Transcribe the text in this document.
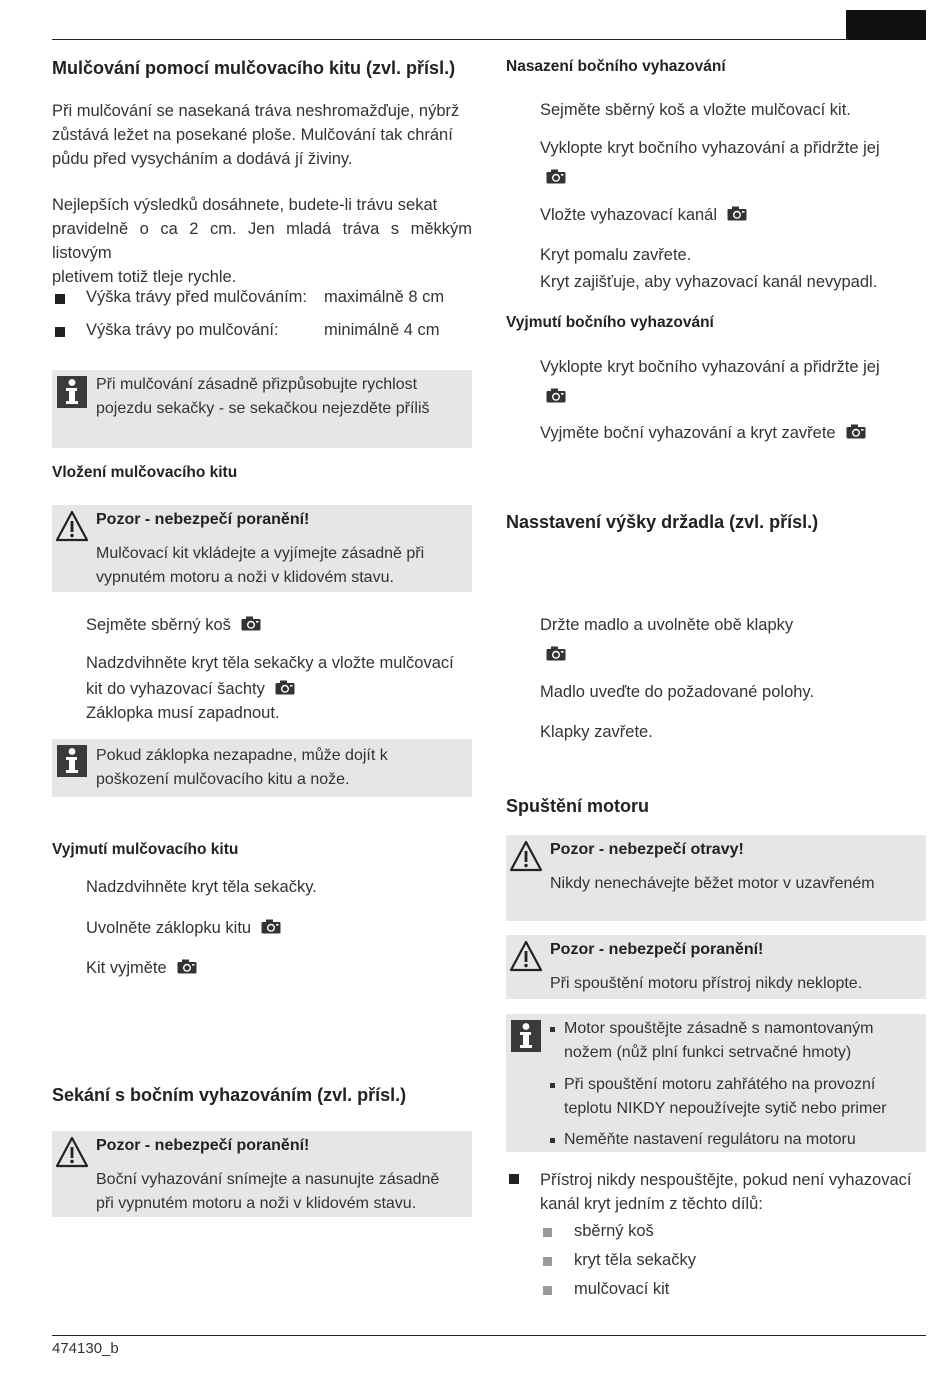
474130_b
Mulčování pomocí mulčovacího kitu (zvl. přísl.)
Při mulčování se nasekaná tráva neshromažďuje, nýbrž
zůstává ležet na posekané ploše. Mulčování tak chrání
půdu před vysycháním a dodává jí živiny.
Nejlepších výsledků dosáhnete, budete-li trávu sekat
pravidelně o ca 2 cm. Jen mladá tráva s měkkým listovým
pletivem totiž tleje rychle.
Výška trávy před mulčováním: maximálně 8 cm
Výška trávy po mulčování:	minimálně 4 cm
Při mulčování zásadně přizpůsobujte rychlost
pojezdu sekačky - se sekačkou nejezděte příliš
Vložení mulčovacího kitu
Pozor - nebezpečí poranění!
Mulčovací kit vkládejte a vyjímejte zásadně při
vypnutém motoru a noži v klidovém stavu.
Sejměte sběrný koš
Nadzdvihněte kryt těla sekačky a vložte mulčovací
kit do vyhazovací šachty
Záklopka musí zapadnout.
Pokud záklopka nezapadne, může dojít k
poškození mulčovacího kitu a nože.
Vyjmutí mulčovacího kitu
Nadzdvihněte kryt těla sekačky.
Uvolněte záklopku kitu
Kit vyjměte
Sekání s bočním vyhazováním (zvl. přísl.)
Pozor - nebezpečí poranění!
Boční vyhazování snímejte a nasunujte zásadně
při vypnutém motoru a noži v klidovém stavu.
Nasazení bočního vyhazování
Sejměte sběrný koš a vložte mulčovací kit.
Vyklopte kryt bočního vyhazování a přidržte jej
Vložte vyhazovací kanál
Kryt pomalu zavřete.
Kryt zajišťuje, aby vyhazovací kanál nevypadl.
Vyjmutí bočního vyhazování
Vyklopte kryt bočního vyhazování a přidržte jej
Vyjměte boční vyhazování a kryt zavřete
Nasstavení výšky držadla (zvl. přísl.)
Držte madlo a uvolněte obě klapky
Madlo uveďte do požadované polohy.
Klapky zavřete.
Spuštění motoru
Pozor - nebezpečí otravy!
Nikdy nenechávejte běžet motor v uzavřeném
Pozor - nebezpečí poranění!
Při spouštění motoru přístroj nikdy neklopte.
Motor spouštějte zásadně s namontovaným
nožem (nůž plní funkci setrvačné hmoty)
Při spouštění motoru zahřátého na provozní
teplotu NIKDY nepoužívejte sytič nebo primer
Neměňte nastavení regulátoru na motoru
Přístroj nikdy nespouštějte, pokud není vyhazovací
kanál kryt jedním z těchto dílů:
sběrný koš
kryt těla sekačky
mulčovací kit
